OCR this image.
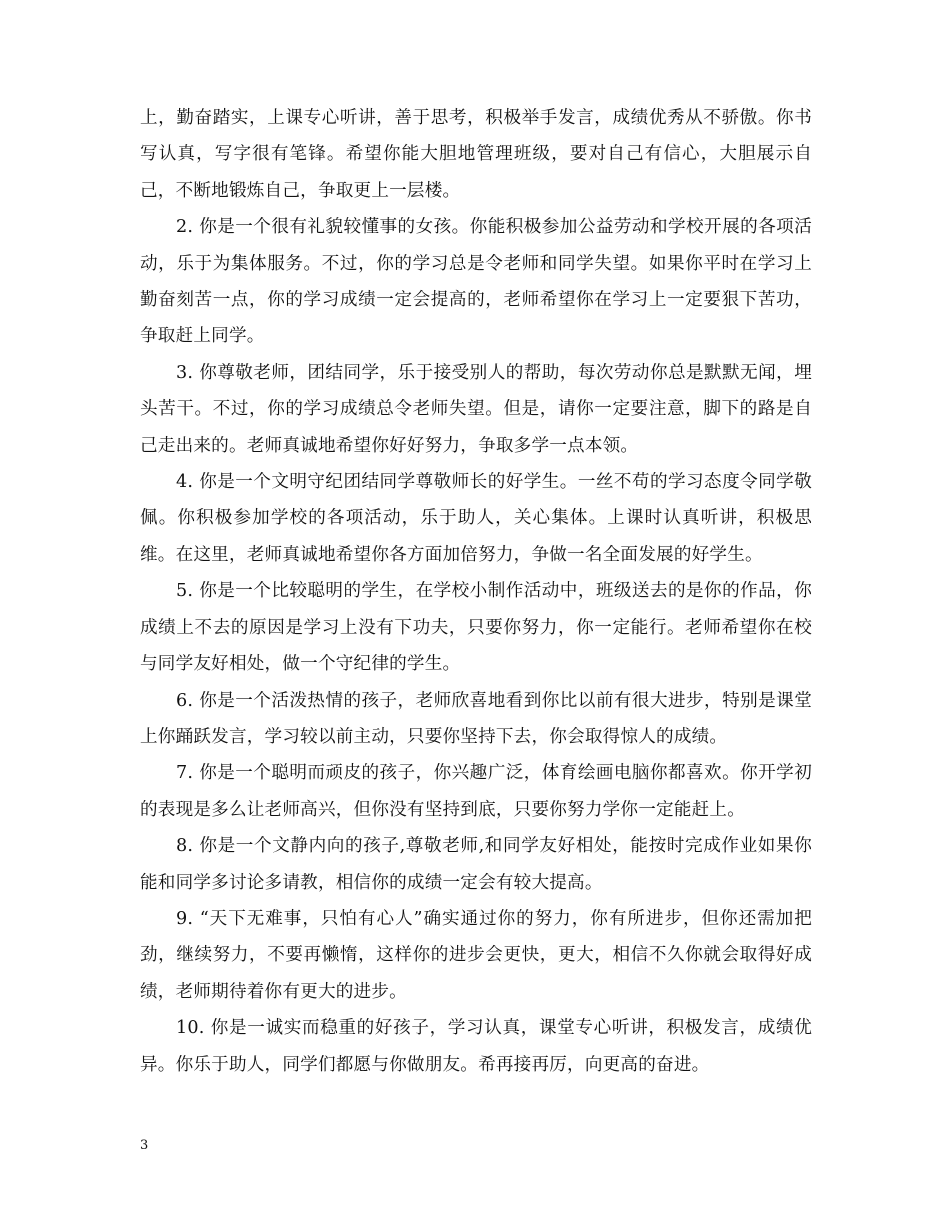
上，勤奋踏实，上课专心听讲，善于思考，积极举手发言，成绩优秀从不骄傲。你书写认真，写字很有笔锋。希望你能大胆地管理班级，要对自己有信心，大胆展示自己，不断地锻炼自己，争取更上一层楼。

2. 你是一个很有礼貌较懂事的女孩。你能积极参加公益劳动和学校开展的各项活动，乐于为集体服务。不过，你的学习总是令老师和同学失望。如果你平时在学习上勤奋刻苦一点，你的学习成绩一定会提高的，老师希望你在学习上一定要狠下苦功，争取赶上同学。

3. 你尊敬老师，团结同学，乐于接受别人的帮助，每次劳动你总是默默无闻，埋头苦干。不过，你的学习成绩总令老师失望。但是，请你一定要注意，脚下的路是自己走出来的。老师真诚地希望你好好努力，争取多学一点本领。

4. 你是一个文明守纪团结同学尊敬师长的好学生。一丝不苟的学习态度令同学敬佩。你积极参加学校的各项活动，乐于助人，关心集体。上课时认真听讲，积极思维。在这里，老师真诚地希望你各方面加倍努力，争做一名全面发展的好学生。

5. 你是一个比较聪明的学生，在学校小制作活动中，班级送去的是你的作品，你成绩上不去的原因是学习上没有下功夫，只要你努力，你一定能行。老师希望你在校与同学友好相处，做一个守纪律的学生。

6. 你是一个活泼热情的孩子，老师欣喜地看到你比以前有很大进步，特别是课堂上你踊跃发言，学习较以前主动，只要你坚持下去，你会取得惊人的成绩。

7. 你是一个聪明而顽皮的孩子，你兴趣广泛，体育绘画电脑你都喜欢。你开学初的表现是多么让老师高兴，但你没有坚持到底，只要你努力学你一定能赶上。

8. 你是一个文静内向的孩子,尊敬老师,和同学友好相处，能按时完成作业如果你能和同学多讨论多请教，相信你的成绩一定会有较大提高。

9. “天下无难事，只怕有心人”确实通过你的努力，你有所进步，但你还需加把劲，继续努力，不要再懒惰，这样你的进步会更快，更大，相信不久你就会取得好成绩，老师期待着你有更大的进步。

10. 你是一诚实而稳重的好孩子，学习认真，课堂专心听讲，积极发言，成绩优异。你乐于助人，同学们都愿与你做朋友。希再接再厉，向更高的奋进。

3
